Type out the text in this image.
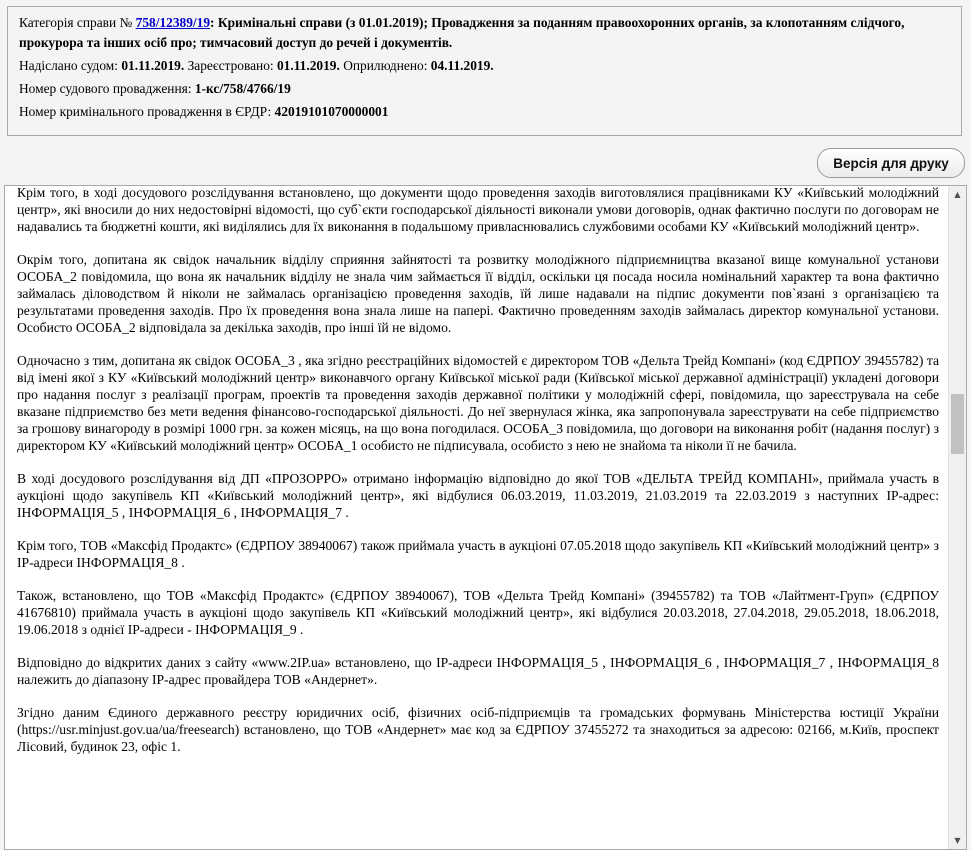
Категорія справи № 758/12389/19: Кримінальні справи (з 01.01.2019); Провадження за поданням правоохоронних органів, за клопотанням слідчого, прокурора та інших осіб про; тимчасовий доступ до речей і документів.
Надіслано судом: 01.11.2019. Зареєстровано: 01.11.2019. Оприлюднено: 04.11.2019.
Номер судового провадження: 1-кс/758/4766/19
Номер кримінального провадження в ЄРДР: 42019101070000001
Версія для друку

Крім того, в ході досудового розслідування встановлено, що документи щодо проведення заходів виготовлялися працівниками КУ «Київський молодіжний центр», які вносили до них недостовірні відомості, що суб`єкти господарської діяльності виконали умови договорів, однак фактично послуги по договорам не надавались та бюджетні кошти, які виділялись для їх виконання в подальшому привласнювались службовими особами КУ «Київський молодіжний центр».

Окрім того, допитана як свідок начальник відділу сприяння зайнятості та розвитку молодіжного підприємництва вказаної вище комунальної установи ОСОБА_2 повідомила, що вона як начальник відділу не знала чим займається її відділ, оскільки ця посада носила номінальний характер та вона фактично займалась діловодством й ніколи не займалась організацією проведення заходів, їй лише надавали на підпис документи пов`язані з організацією та результатами проведення заходів. Про їх проведення вона знала лише на папері. Фактично проведенням заходів займалась директор комунальної установи. Особисто ОСОБА_2 відповідала за декілька заходів, про інші їй не відомо.

Одночасно з тим, допитана як свідок ОСОБА_3 , яка згідно реєстраційних відомостей є директором ТОВ «Дельта Трейд Компані» (код ЄДРПОУ 39455782) та від імені якої з КУ «Київський молодіжний центр» виконавчого органу Київської міської ради (Київської міської державної адміністрації) укладені договори про надання послуг з реалізації програм, проектів та проведення заходів державної політики у молодіжній сфері, повідомила, що зареєструвала на себе вказане підприємство без мети ведення фінансово-господарської діяльності. До неї звернулася жінка, яка запропонувала зареєструвати на себе підприємство за грошову винагороду в розмірі 1000 грн. за кожен місяць, на що вона погодилася. ОСОБА_3 повідомила, що договори на виконання робіт (надання послуг) з директором КУ «Київський молодіжний центр» ОСОБА_1 особисто не підписувала, особисто з нею не знайома та ніколи її не бачила.

В ході досудового розслідування від ДП «ПРОЗОРРО» отримано інформацію відповідно до якої ТОВ «ДЕЛЬТА ТРЕЙД КОМПАНІ», приймала участь в аукціоні щодо закупівель КП «Київський молодіжний центр», які відбулися 06.03.2019, 11.03.2019, 21.03.2019 та 22.03.2019 з наступних IP-адрес: ІНФОРМАЦІЯ_5 , ІНФОРМАЦІЯ_6 , ІНФОРМАЦІЯ_7 .

Крім того, ТОВ «Максфід Продактс» (ЄДРПОУ 38940067) також приймала участь в аукціоні 07.05.2018 щодо закупівель КП «Київський молодіжний центр» з IP-адреси ІНФОРМАЦІЯ_8 .

Також, встановлено, що ТОВ «Максфід Продактс» (ЄДРПОУ 38940067), ТОВ «Дельта Трейд Компані» (39455782) та ТОВ «Лайтмент-Груп» (ЄДРПОУ 41676810) приймала участь в аукціоні щодо закупівель КП «Київський молодіжний центр», які відбулися 20.03.2018, 27.04.2018, 29.05.2018, 18.06.2018, 19.06.2018 з однієї IP-адреси - ІНФОРМАЦІЯ_9 .

Відповідно до відкритих даних з сайту «www.2IP.ua» встановлено, що IP-адреси ІНФОРМАЦІЯ_5 , ІНФОРМАЦІЯ_6 , ІНФОРМАЦІЯ_7 , ІНФОРМАЦІЯ_8 належить до діапазону IP-адрес провайдера ТОВ «Андернет».

Згідно даним Єдиного державного реєстру юридичних осіб, фізичних осіб-підприємців та громадських формувань Міністерства юстиції України (https://usr.minjust.gov.ua/ua/freesearch) встановлено, що ТОВ «Андернет» має код за ЄДРПОУ 37455272 та знаходиться за адресою: 02166, м.Київ, проспект Лісовий, будинок 23, офіс 1.

▲
▼
